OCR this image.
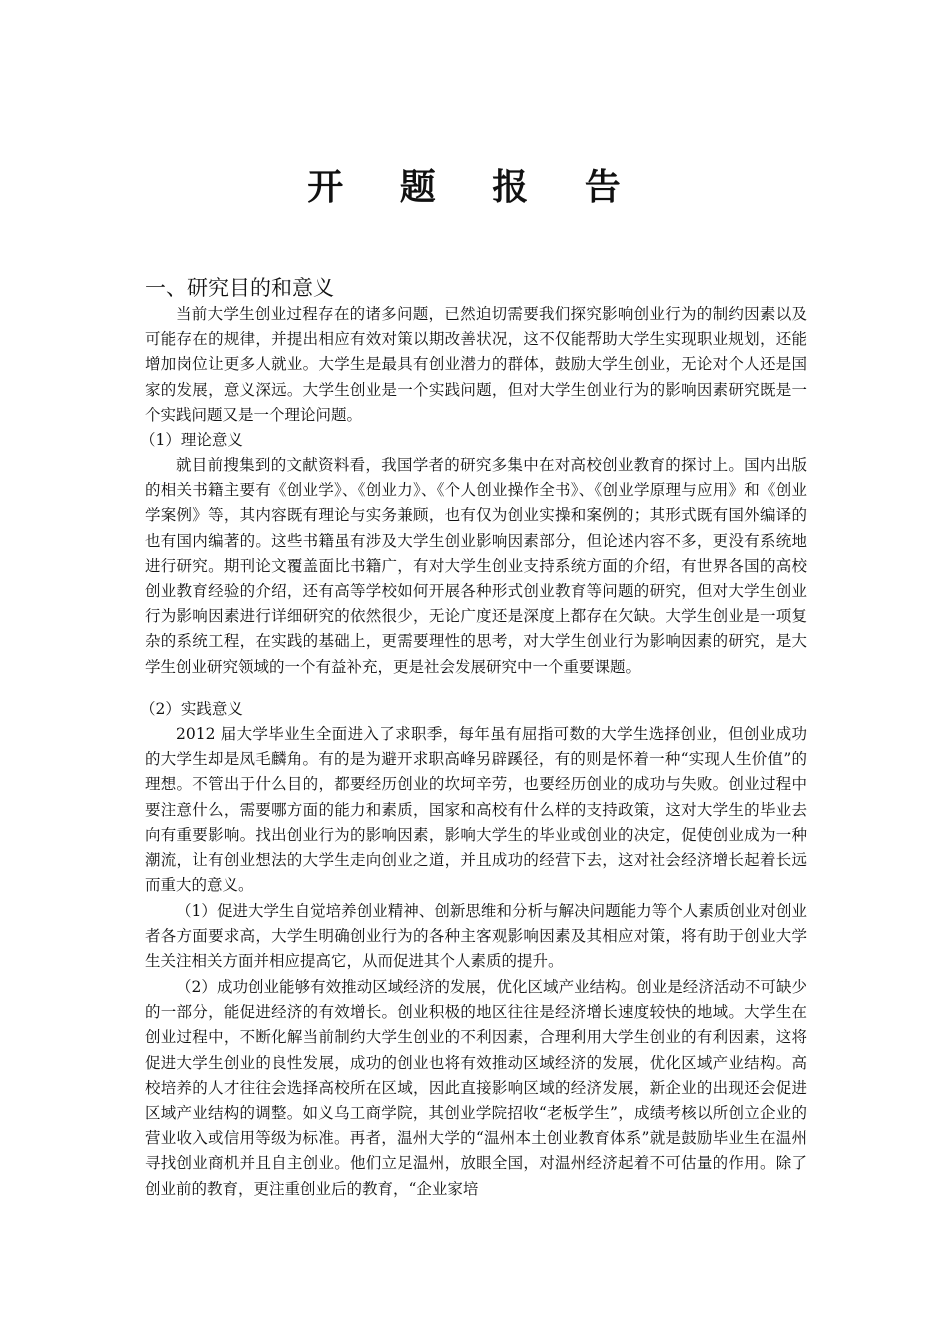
开 题 报 告
一、研究目的和意义
当前大学生创业过程存在的诸多问题，已然迫切需要我们探究影响创业行为的制约因素以及可能存在的规律，并提出相应有效对策以期改善状况，这不仅能帮助大学生实现职业规划，还能增加岗位让更多人就业。大学生是最具有创业潜力的群体，鼓励大学生创业，无论对个人还是国家的发展，意义深远。大学生创业是一个实践问题，但对大学生创业行为的影响因素研究既是一个实践问题又是一个理论问题。
（1）理论意义
就目前搜集到的文献资料看，我国学者的研究多集中在对高校创业教育的探讨上。国内出版的相关书籍主要有《创业学》、《创业力》、《个人创业操作全书》、《创业学原理与应用》和《创业学案例》等，其内容既有理论与实务兼顾，也有仅为创业实操和案例的；其形式既有国外编译的也有国内编著的。这些书籍虽有涉及大学生创业影响因素部分，但论述内容不多，更没有系统地进行研究。期刊论文覆盖面比书籍广，有对大学生创业支持系统方面的介绍，有世界各国的高校创业教育经验的介绍，还有高等学校如何开展各种形式创业教育等问题的研究，但对大学生创业行为影响因素进行详细研究的依然很少，无论广度还是深度上都存在欠缺。大学生创业是一项复杂的系统工程，在实践的基础上，更需要理性的思考，对大学生创业行为影响因素的研究，是大学生创业研究领域的一个有益补充，更是社会发展研究中一个重要课题。
（2）实践意义
2012 届大学毕业生全面进入了求职季，每年虽有屈指可数的大学生选择创业，但创业成功的大学生却是凤毛麟角。有的是为避开求职高峰另辟蹊径，有的则是怀着一种“实现人生价值”的理想。不管出于什么目的，都要经历创业的坎坷辛劳，也要经历创业的成功与失败。创业过程中要注意什么，需要哪方面的能力和素质，国家和高校有什么样的支持政策，这对大学生的毕业去向有重要影响。找出创业行为的影响因素，影响大学生的毕业或创业的决定，促使创业成为一种潮流，让有创业想法的大学生走向创业之道，并且成功的经营下去，这对社会经济增长起着长远而重大的意义。
（1）促进大学生自觉培养创业精神、创新思维和分析与解决问题能力等个人素质创业对创业者各方面要求高，大学生明确创业行为的各种主客观影响因素及其相应对策，将有助于创业大学生关注相关方面并相应提高它，从而促进其个人素质的提升。
（2）成功创业能够有效推动区域经济的发展，优化区域产业结构。创业是经济活动不可缺少的一部分，能促进经济的有效增长。创业积极的地区往往是经济增长速度较快的地域。大学生在创业过程中，不断化解当前制约大学生创业的不利因素，合理利用大学生创业的有利因素，这将促进大学生创业的良性发展，成功的创业也将有效推动区域经济的发展，优化区域产业结构。高校培养的人才往往会选择高校所在区域，因此直接影响区域的经济发展，新企业的出现还会促进区域产业结构的调整。如义乌工商学院，其创业学院招收“老板学生”，成绩考核以所创立企业的营业收入或信用等级为标准。再者，温州大学的“温州本土创业教育体系”就是鼓励毕业生在温州寻找创业商机并且自主创业。他们立足温州，放眼全国，对温州经济起着不可估量的作用。除了创业前的教育，更注重创业后的教育，“企业家培
